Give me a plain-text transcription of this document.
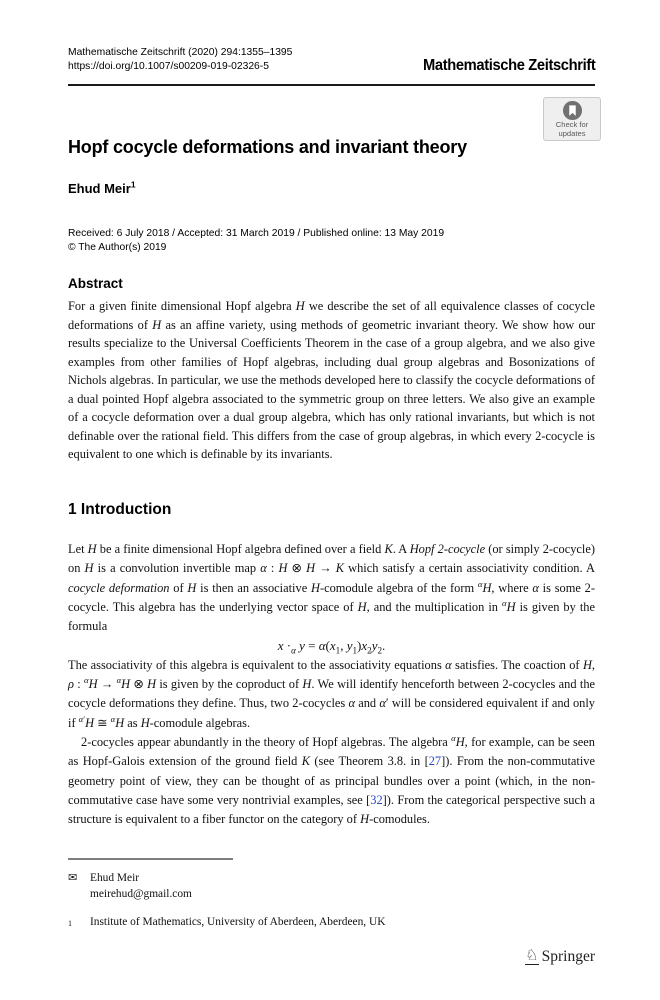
Mathematische Zeitschrift (2020) 294:1355–1395
https://doi.org/10.1007/s00209-019-02326-5	Mathematische Zeitschrift
Check for
updates
Hopf cocycle deformations and invariant theory
Ehud Meir$^1$
Received: 6 July 2018 / Accepted: 31 March 2019 / Published online: 13 May 2019
© The Author(s) 2019
Abstract
For a given finite dimensional Hopf algebra H we describe the set of all equivalence classes of cocycle deformations of H as an affine variety, using methods of geometric invariant theory. We show how our results specialize to the Universal Coefficients Theorem in the case of a group algebra, and we also give examples from other families of Hopf algebras, including dual group algebras and Bosonizations of Nichols algebras. In particular, we use the methods developed here to classify the cocycle deformations of a dual pointed Hopf algebra associated to the symmetric group on three letters. We also give an example of a cocycle deformation over a dual group algebra, which has only rational invariants, but which is not definable over the rational field. This differs from the case of group algebras, in which every 2-cocycle is equivalent to one which is definable by its invariants.
1 Introduction

Let H be a finite dimensional Hopf algebra defined over a field K. A Hopf 2-cocycle (or simply 2-cocycle) on H is a convolution invertible map α : H ⊗ H → K which satisfy a certain associativity condition. A cocycle deformation of H is then an associative H-comodule algebra of the form $^\alpha$H, where α is some 2-cocycle. This algebra has the underlying vector space of H, and the multiplication in $^\alpha$H is given by the formula

$x \cdot_\alpha$ $y = \alpha(x_1$, $y_1)x_2y_2$.

The associativity of this algebra is equivalent to the associativity equations α satisfies. The coaction of H, ρ : $^\alpha$H → $^\alpha$H ⊗ H is given by the coproduct of H. We will identify henceforth between 2-cocycles and the cocycle deformations they define. Thus, two 2-cocycles α and α′ will be considered equivalent if and only if $^{\alpha'}$H ≅ $^\alpha$H as H-comodule algebras.

2-cocycles appear abundantly in the theory of Hopf algebras. The algebra $^\alpha$H, for example, can be seen as Hopf-Galois extension of the ground field K (see Theorem 3.8. in [27]). From the non-commutative geometry point of view, they can be thought of as principal bundles over a point (which, in the non-commutative case have some very nontrivial examples, see [32]). From the categorical perspective such a structure is equivalent to a fiber functor on the category of H-comodules.

✉	Ehud Meir
meirehud@gmail.com
1	Institute of Mathematics, University of Aberdeen, Aberdeen, UK
♘ Springer
